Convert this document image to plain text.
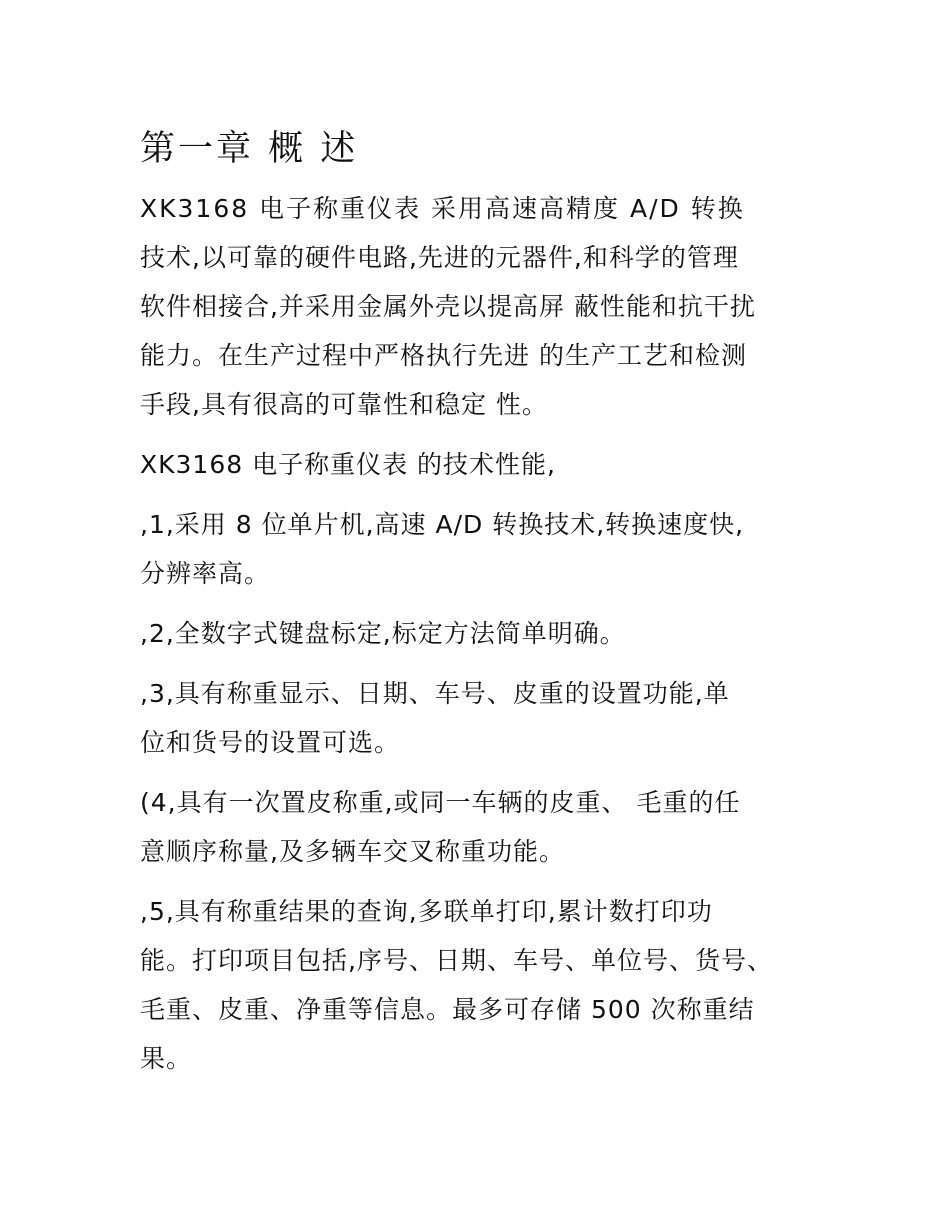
第一章 概 述
XK3168 电子称重仪表 采用高速高精度 A/D 转换
技术,以可靠的硬件电路,先进的元器件,和科学的管理
软件相接合,并采用金属外壳以提高屏 蔽性能和抗干扰
能力。在生产过程中严格执行先进 的生产工艺和检测
手段,具有很高的可靠性和稳定 性。
XK3168 电子称重仪表 的技术性能,
,1,采用 8 位单片机,高速 A/D 转换技术,转换速度快,
分辨率高。
,2,全数字式键盘标定,标定方法简单明确。
,3,具有称重显示、日期、车号、皮重的设置功能,单
位和货号的设置可选。
(4,具有一次置皮称重,或同一车辆的皮重、 毛重的任
意顺序称量,及多辆车交叉称重功能。
,5,具有称重结果的查询,多联单打印,累计数打印功
能。打印项目包括,序号、日期、车号、单位号、货号、
毛重、皮重、净重等信息。最多可存储 500 次称重结
果。
